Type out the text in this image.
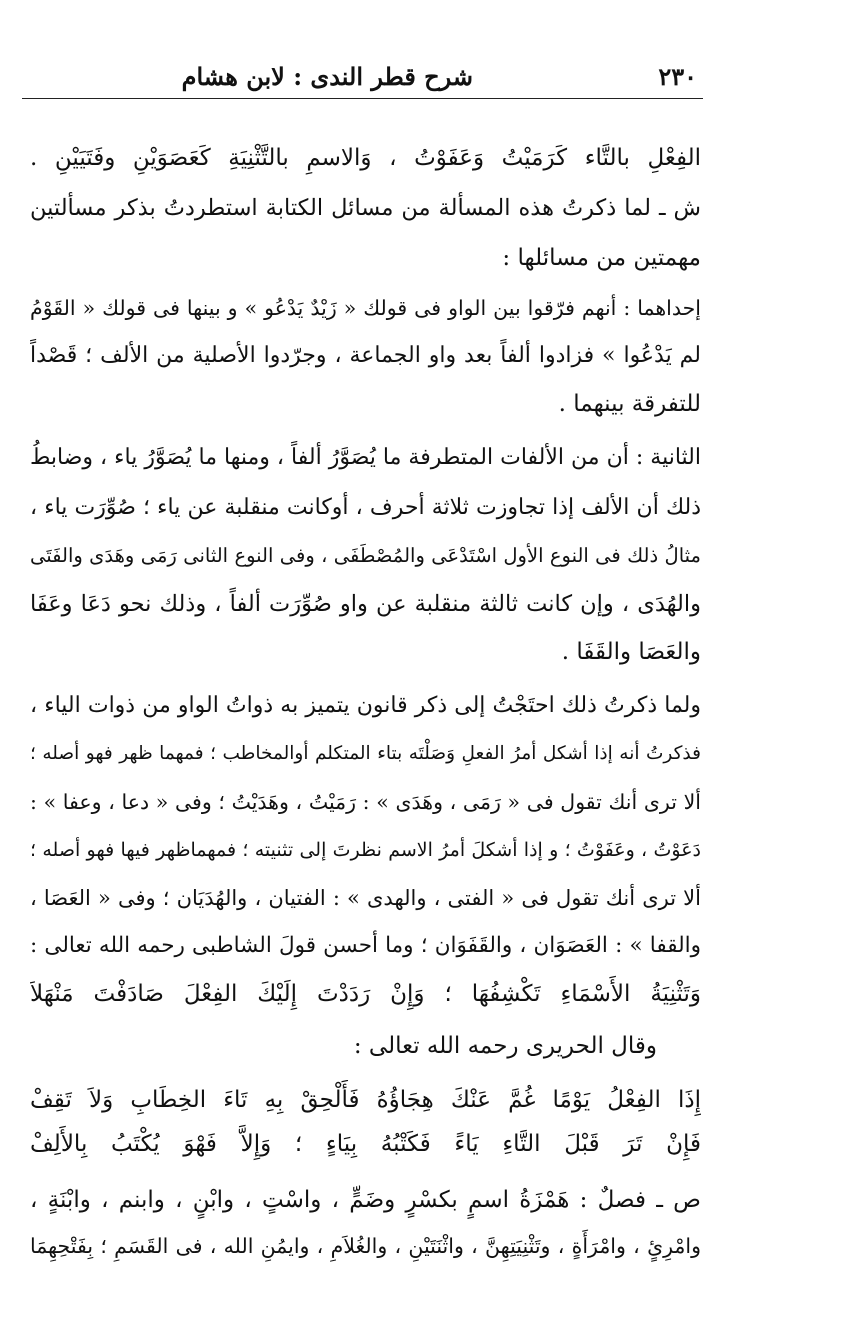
٢٣٠
شرح قطر الندى : لابن هشام
الفِعْلِ بالتَّاء كَرَمَيْتُ وَعَفَوْتُ ، وَالاسمِ بالتَّثْنِيَةِ كَعَصَوَيْنِ وفَتَيَيْنِ .
ش ـ لما ذكرتُ هذه المسألة من مسائل الكتابة استطردتُ بذكر مسألتين
مهمتين من مسائلها :
إحداهما : أنهم فرّقوا بين الواو فى قولك « زَيْدٌ يَدْعُو » و بينها فى قولك « القَوْمُ
لم يَدْعُوا » فزادوا ألفاً بعد واو الجماعة ، وجرّدوا الأصلية من الألف ؛ قَصْداً
للتفرقة بينهما .
الثانية : أن من الألفات المتطرفة ما يُصَوَّرُ ألفاً ، ومنها ما يُصَوَّرُ ياء ، وضابطُ
ذلك أن الألف إذا تجاوزت ثلاثة أحرف ، أوكانت منقلبة عن ياء ؛ صُوِّرَت ياء ،
مثالُ ذلك فى النوع الأول اسْتَدْعَى والمُصْطَفَى ، وفى النوع الثانى رَمَى وهَدَى والفَتَى
والهُدَى ، وإن كانت ثالثة منقلبة عن واو صُوِّرَت ألفاً ، وذلك نحو دَعَا وعَفَا
والعَصَا والقَفَا .
ولما ذكرتُ ذلك احتَجْتُ إلى ذكر قانون يتميز به ذواتُ الواو من ذوات الياء ،
فذكرتُ أنه إذا أشكل أمرُ الفعلِ وَصَلْتَه بتاء المتكلم أوالمخاطب ؛ فمهما ظهر فهو أصله ؛
ألا ترى أنك تقول فى « رَمَى ، وهَدَى » : رَمَيْتُ ، وهَدَيْتُ ؛ وفى « دعا ، وعفا » :
دَعَوْتُ ، وعَفَوْتُ ؛ و إذا أشكلَ أمرُ الاسم نظرتَ إلى تثنيته ؛ فمهماظهر فيها فهو أصله ؛
ألا ترى أنك تقول فى « الفتى ، والهدى » : الفتيان ، والهُدَيَان ؛ وفى « العَصَا ،
والقفا » : العَصَوَان ، والقَفَوَان ؛ وما أحسن قولَ الشاطبى رحمه الله تعالى :
وَتَثْنِيَةُ الأَسْمَاءِ تَكْشِفُهَا ؛ وَإِنْ رَدَدْتَ إِلَيْكَ الفِعْلَ صَادَفْتَ مَنْهَلاَ
وقال الحريرى رحمه الله تعالى :
إِذَا الفِعْلُ يَوْمًا غُمَّ عَنْكَ هِجَاؤُهُ فَأَلْحِقْ بِهِ تَاءَ الخِطَابِ وَلاَ تَقِفْ
فَإِنْ تَرَ قَبْلَ التَّاءِ يَاءً فَكَتْبُهُ بِيَاءٍ ؛ وَإِلاَّ فَهْوَ يُكْتَبُ بِالأَلِفْ
ص ـ فصلٌ : هَمْزَةُ اسمٍ بكسْرٍ وضَمٍّ ، واسْتٍ ، وابْنٍ ، وابنم ، وابْنَةٍ ،
وامْرِئٍ ، وامْرَأَةٍ ، وتَثْنِيَتِهِنَّ ، واثْنَتَيْنِ ، والغُلاَمِ ، وايمُنِ الله ، فى القَسَمِ ؛ بِفَتْحِهِمَا
